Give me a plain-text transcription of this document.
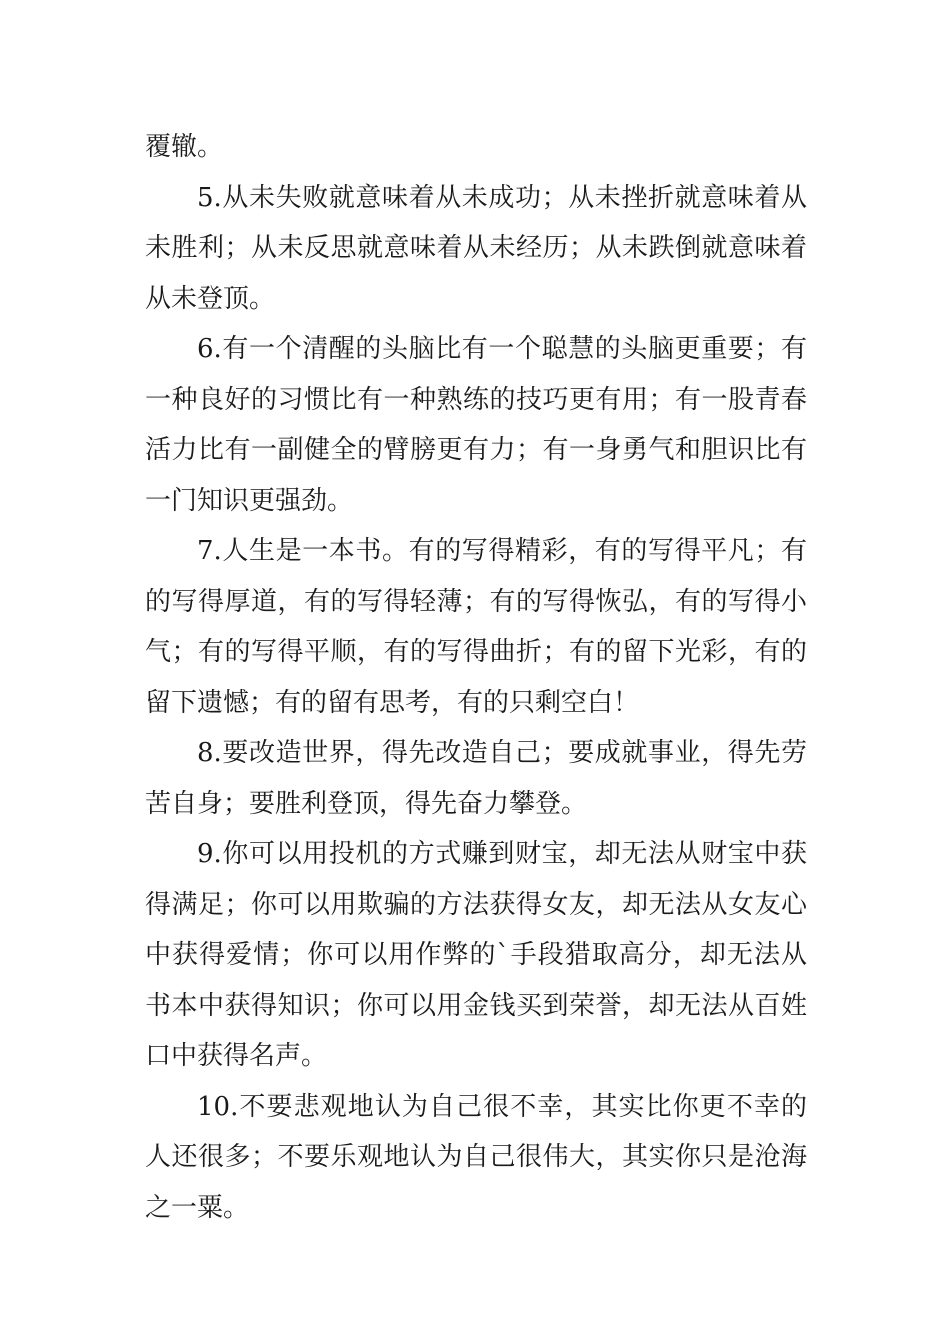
覆辙。

5.从未失败就意味着从未成功；从未挫折就意味着从未胜利；从未反思就意味着从未经历；从未跌倒就意味着从未登顶。

6.有一个清醒的头脑比有一个聪慧的头脑更重要；有一种良好的习惯比有一种熟练的技巧更有用；有一股青春活力比有一副健全的臂膀更有力；有一身勇气和胆识比有一门知识更强劲。

7.人生是一本书。有的写得精彩，有的写得平凡；有的写得厚道，有的写得轻薄；有的写得恢弘，有的写得小气；有的写得平顺，有的写得曲折；有的留下光彩，有的留下遗憾；有的留有思考，有的只剩空白！

8.要改造世界，得先改造自己；要成就事业，得先劳苦自身；要胜利登顶，得先奋力攀登。

9.你可以用投机的方式赚到财宝，却无法从财宝中获得满足；你可以用欺骗的方法获得女友，却无法从女友心中获得爱情；你可以用作弊的`手段猎取高分，却无法从书本中获得知识；你可以用金钱买到荣誉，却无法从百姓口中获得名声。

10.不要悲观地认为自己很不幸，其实比你更不幸的人还很多；不要乐观地认为自己很伟大，其实你只是沧海之一粟。
